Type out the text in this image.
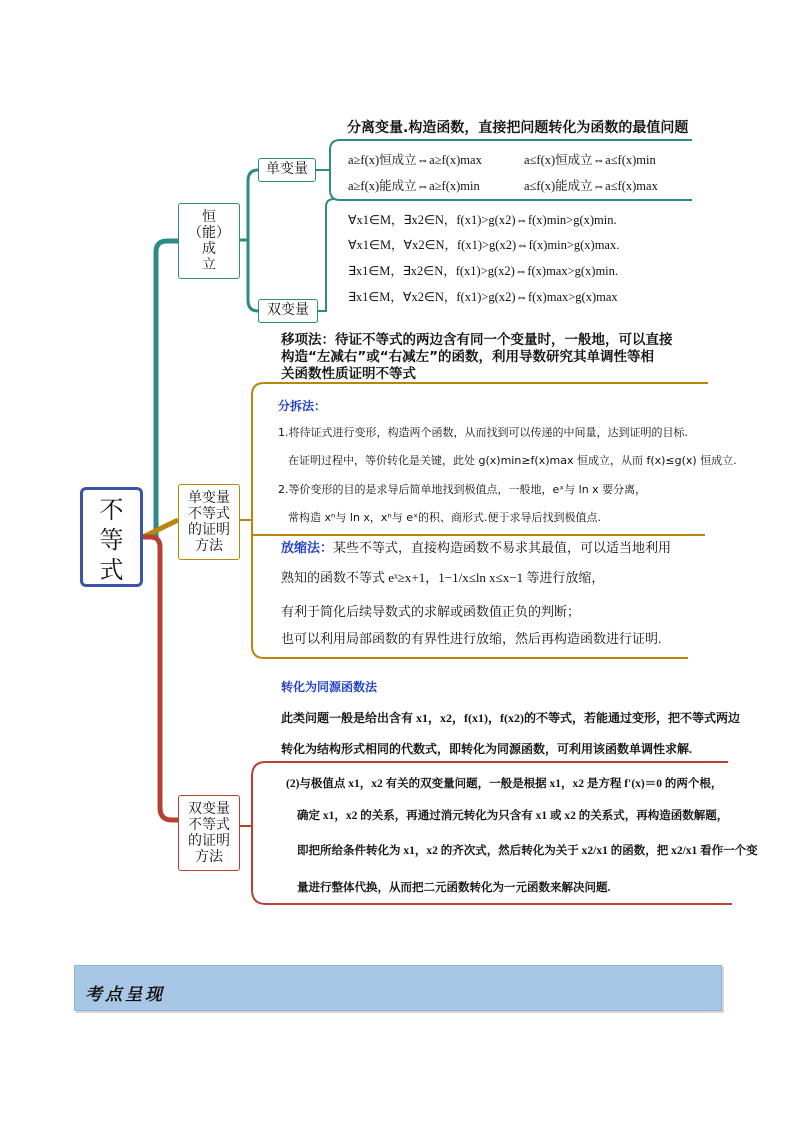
不等式
恒
（能）
成
立
单变量
不等式
的证明
方法
双变量
不等式
的证明
方法
单变量
双变量
分离变量.构造函数，直接把问题转化为函数的最值问题
a≥f(x)恒成立⇔a≥f(x)max	a≤f(x)恒成立⇔a≤f(x)min
a≥f(x)能成立⇔a≥f(x)min	a≤f(x)能成立⇔a≤f(x)max
∀x1∈M，∃x2∈N，f(x1)>g(x2)⇔f(x)min>g(x)min.
∀x1∈M，∀x2∈N，f(x1)>g(x2)⇔f(x)min>g(x)max.
∃x1∈M，∃x2∈N，f(x1)>g(x2)⇔f(x)max>g(x)min.
∃x1∈M，∀x2∈N，f(x1)>g(x2)⇔f(x)max>g(x)max
移项法：待证不等式的两边含有同一个变量时，一般地，可以直接
构造“左减右”或“右减左”的函数，利用导数研究其单调性等相
关函数性质证明不等式
分拆法：
1.将待证式进行变形，构造两个函数，从而找到可以传递的中间量，达到证明的目标.
在证明过程中，等价转化是关键，此处 g(x)min≥f(x)max 恒成立，从而 f(x)≤g(x) 恒成立.
2.等价变形的目的是求导后简单地找到极值点，一般地，eˣ与 ln x 要分离，
常构造 xⁿ与 ln x，xⁿ与 eˣ的积、商形式.便于求导后找到极值点.
放缩法：某些不等式，直接构造函数不易求其最值，可以适当地利用
熟知的函数不等式 eˣ≥x+1，1−1/x≤ln x≤x−1 等进行放缩，
有利于简化后续导数式的求解或函数值正负的判断；
也可以利用局部函数的有界性进行放缩，然后再构造函数进行证明.
转化为同源函数法
此类问题一般是给出含有 x1，x2，f(x1)，f(x2)的不等式，若能通过变形，把不等式两边
转化为结构形式相同的代数式，即转化为同源函数，可利用该函数单调性求解.
(2)与极值点 x1，x2 有关的双变量问题，一般是根据 x1，x2 是方程 f′(x)＝0 的两个根，
确定 x1，x2 的关系，再通过消元转化为只含有 x1 或 x2 的关系式，再构造函数解题，
即把所给条件转化为 x1，x2 的齐次式，然后转化为关于 x2/x1 的函数，把 x2/x1 看作一个变
量进行整体代换，从而把二元函数转化为一元函数来解决问题.
考点呈现
